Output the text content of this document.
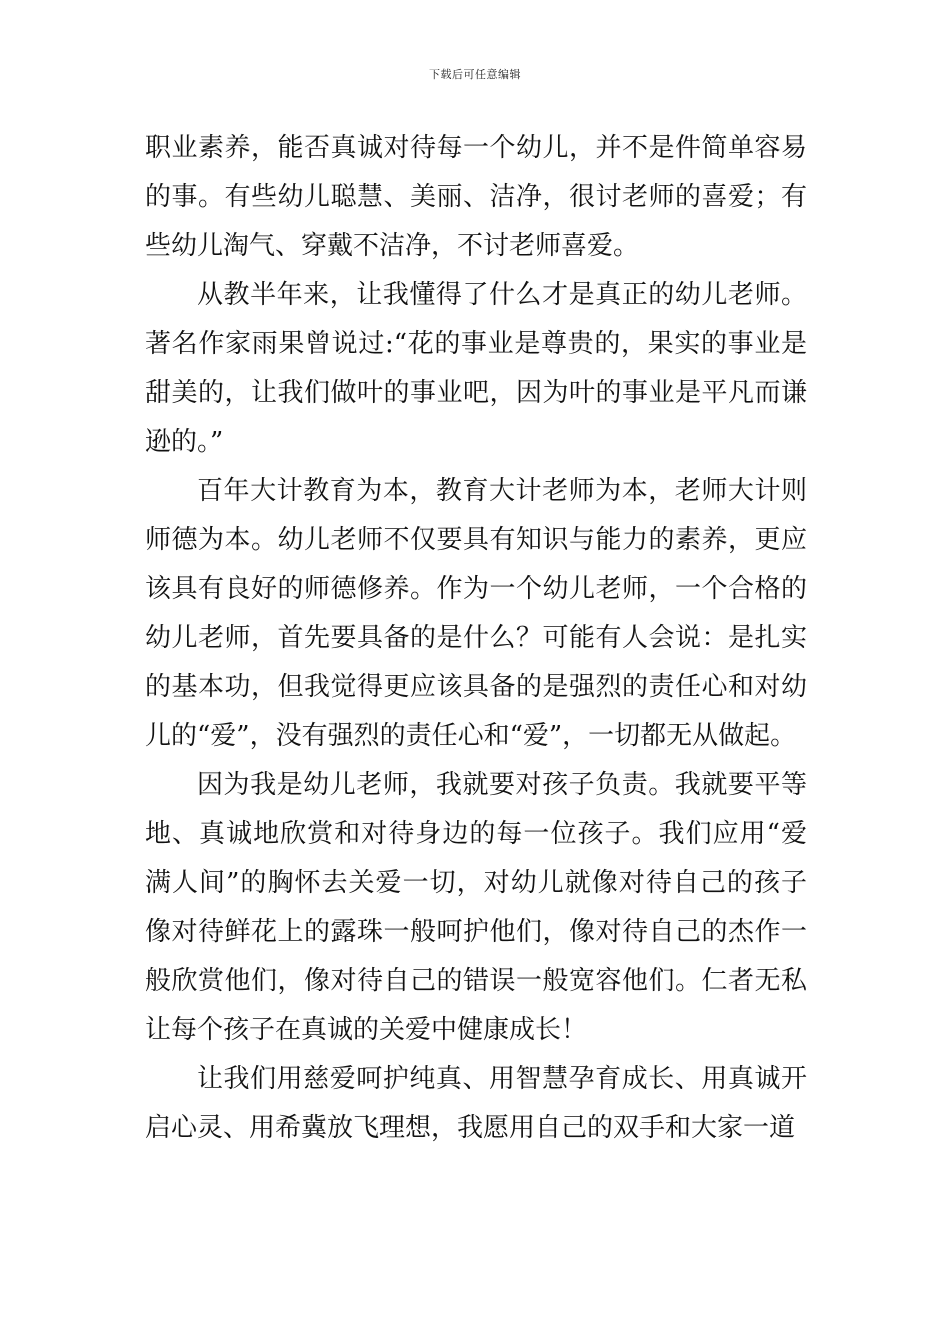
下载后可任意编辑

职业素养，能否真诚对待每一个幼儿，并不是件简单容易的事。有些幼儿聪慧、美丽、洁净，很讨老师的喜爱；有些幼儿淘气、穿戴不洁净，不讨老师喜爱。

从教半年来，让我懂得了什么才是真正的幼儿老师。著名作家雨果曾说过:“花的事业是尊贵的，果实的事业是甜美的，让我们做叶的事业吧，因为叶的事业是平凡而谦逊的。”

百年大计教育为本，教育大计老师为本，老师大计则师德为本。幼儿老师不仅要具有知识与能力的素养，更应该具有良好的师德修养。作为一个幼儿老师，一个合格的幼儿老师，首先要具备的是什么？可能有人会说：是扎实的基本功，但我觉得更应该具备的是强烈的责任心和对幼儿的“爱”，没有强烈的责任心和“爱”，一切都无从做起。

因为我是幼儿老师，我就要对孩子负责。我就要平等地、真诚地欣赏和对待身边的每一位孩子。我们应用“爱满人间”的胸怀去关爱一切，对幼儿就像对待自己的孩子像对待鲜花上的露珠一般呵护他们，像对待自己的杰作一般欣赏他们，像对待自己的错误一般宽容他们。仁者无私让每个孩子在真诚的关爱中健康成长！

让我们用慈爱呵护纯真、用智慧孕育成长、用真诚开启心灵、用希冀放飞理想，我愿用自己的双手和大家一道
